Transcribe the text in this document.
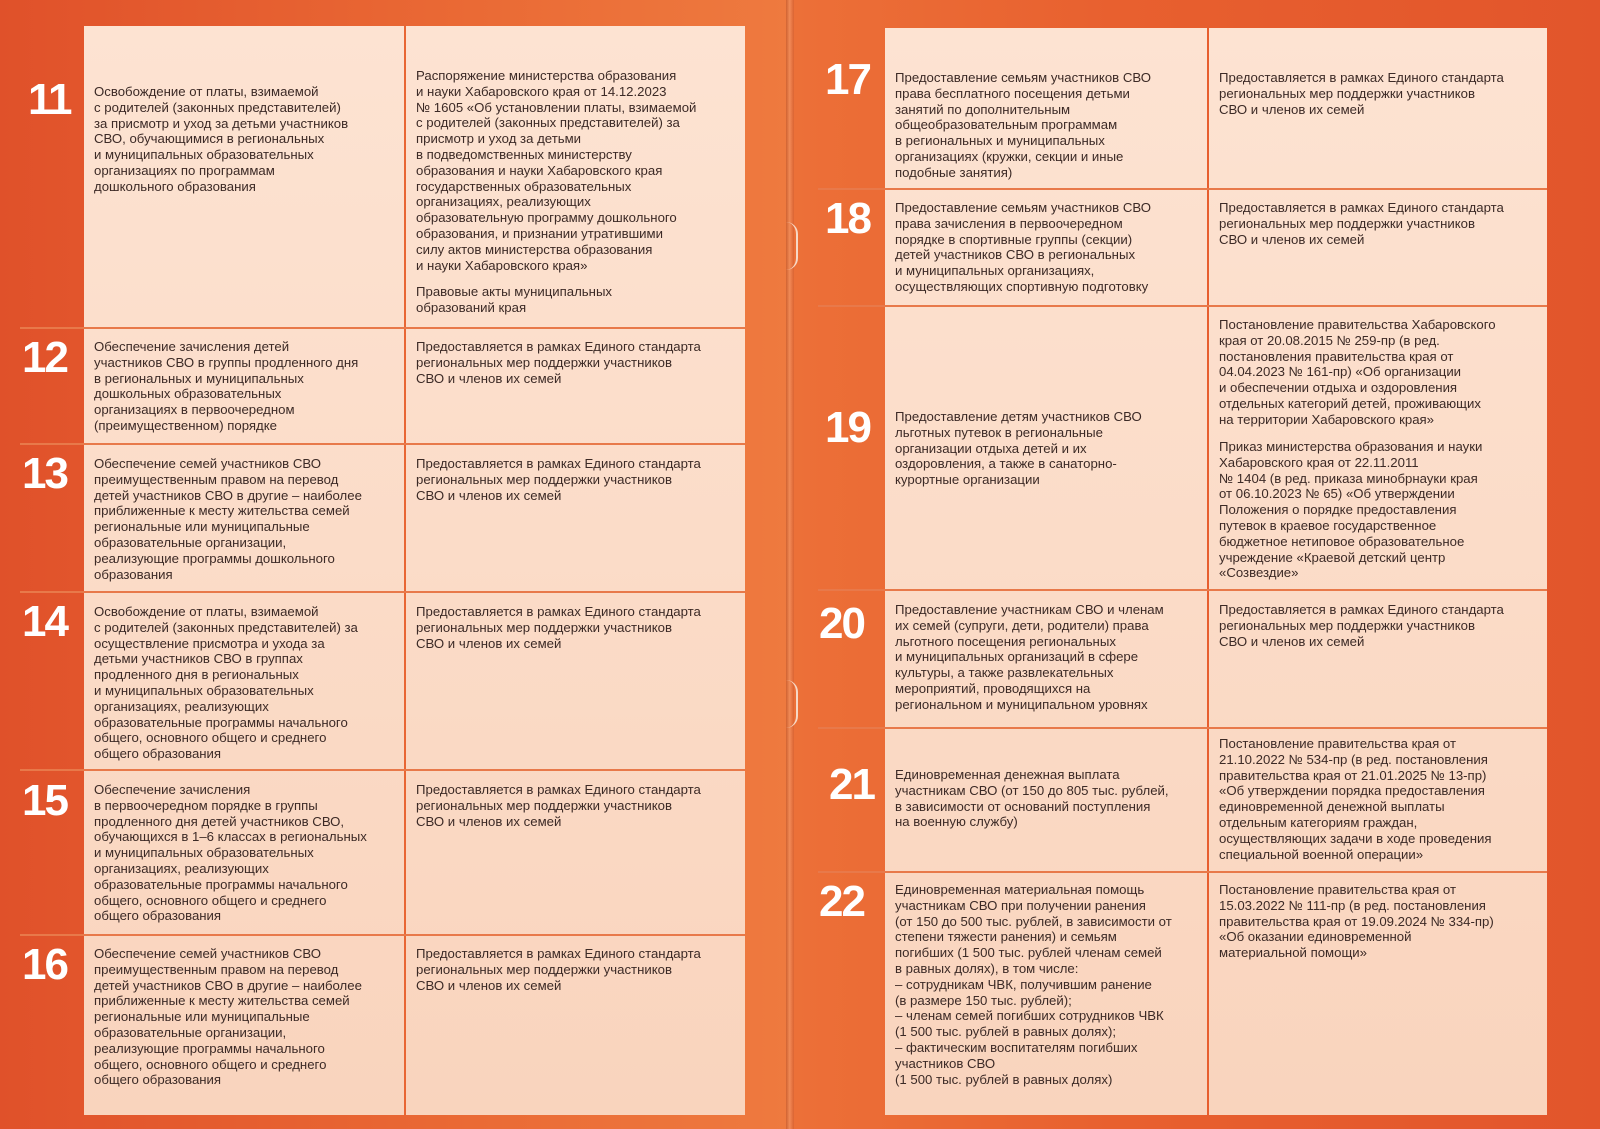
11 Освобождение от платы, взимаемой
с родителей (законных представителей)
за присмотр и уход за детьми участников
СВО, обучающимися в региональных
и муниципальных образовательных
организациях по программам
дошкольного образования
Распоряжение министерства образования
и науки Хабаровского края от 14.12.2023
№ 1605 «Об установлении платы, взимаемой
с родителей (законных представителей) за
присмотр и уход за детьми
в подведомственных министерству
образования и науки Хабаровского края
государственных образовательных
организациях, реализующих
образовательную программу дошкольного
образования, и признании утратившими
силу актов министерства образования
и науки Хабаровского края»
Правовые акты муниципальных
образований края
12 Обеспечение зачисления детей
участников СВО в группы продленного дня
в региональных и муниципальных
дошкольных образовательных
организациях в первоочередном
(преимущественном) порядке
Предоставляется в рамках Единого стандарта
региональных мер поддержки участников
СВО и членов их семей
13 Обеспечение семей участников СВО
преимущественным правом на перевод
детей участников СВО в другие – наиболее
приближенные к месту жительства семей
региональные или муниципальные
образовательные организации,
реализующие программы дошкольного
образования
Предоставляется в рамках Единого стандарта
региональных мер поддержки участников
СВО и членов их семей
14 Освобождение от платы, взимаемой
с родителей (законных представителей) за
осуществление присмотра и ухода за
детьми участников СВО в группах
продленного дня в региональных
и муниципальных образовательных
организациях, реализующих
образовательные программы начального
общего, основного общего и среднего
общего образования
Предоставляется в рамках Единого стандарта
региональных мер поддержки участников
СВО и членов их семей
15 Обеспечение зачисления
в первоочередном порядке в группы
продленного дня детей участников СВО,
обучающихся в 1–6 классах в региональных
и муниципальных образовательных
организациях, реализующих
образовательные программы начального
общего, основного общего и среднего
общего образования
Предоставляется в рамках Единого стандарта
региональных мер поддержки участников
СВО и членов их семей
16 Обеспечение семей участников СВО
преимущественным правом на перевод
детей участников СВО в другие – наиболее
приближенные к месту жительства семей
региональные или муниципальные
образовательные организации,
реализующие программы начального
общего, основного общего и среднего
общего образования
Предоставляется в рамках Единого стандарта
региональных мер поддержки участников
СВО и членов их семей
17 Предоставление семьям участников СВО
права бесплатного посещения детьми
занятий по дополнительным
общеобразовательным программам
в региональных и муниципальных
организациях (кружки, секции и иные
подобные занятия)
Предоставляется в рамках Единого стандарта
региональных мер поддержки участников
СВО и членов их семей
18 Предоставление семьям участников СВО
права зачисления в первоочередном
порядке в спортивные группы (секции)
детей участников СВО в региональных
и муниципальных организациях,
осуществляющих спортивную подготовку
Предоставляется в рамках Единого стандарта
региональных мер поддержки участников
СВО и членов их семей
19 Предоставление детям участников СВО
льготных путевок в региональные
организации отдыха детей и их
оздоровления, а также в санаторно-
курортные организации
Постановление правительства Хабаровского
края от 20.08.2015 № 259-пр (в ред.
постановления правительства края от
04.04.2023 № 161-пр) «Об организации
и обеспечении отдыха и оздоровления
отдельных категорий детей, проживающих
на территории Хабаровского края»
Приказ министерства образования и науки
Хабаровского края от 22.11.2011
№ 1404 (в ред. приказа минобрнауки края
от 06.10.2023 № 65) «Об утверждении
Положения о порядке предоставления
путевок в краевое государственное
бюджетное нетиповое образовательное
учреждение «Краевой детский центр
«Созвездие»
20 Предоставление участникам СВО и членам
их семей (супруги, дети, родители) права
льготного посещения региональных
и муниципальных организаций в сфере
культуры, а также развлекательных
мероприятий, проводящихся на
региональном и муниципальном уровнях
Предоставляется в рамках Единого стандарта
региональных мер поддержки участников
СВО и членов их семей
21 Единовременная денежная выплата
участникам СВО (от 150 до 805 тыс. рублей,
в зависимости от оснований поступления
на военную службу)
Постановление правительства края от
21.10.2022 № 534-пр (в ред. постановления
правительства края от 21.01.2025 № 13-пр)
«Об утверждении порядка предоставления
единовременной денежной выплаты
отдельным категориям граждан,
осуществляющих задачи в ходе проведения
специальной военной операции»
22 Единовременная материальная помощь
участникам СВО при получении ранения
(от 150 до 500 тыс. рублей, в зависимости от
степени тяжести ранения) и семьям
погибших (1 500 тыс. рублей членам семей
в равных долях), в том числе:
– сотрудникам ЧВК, получившим ранение
(в размере 150 тыс. рублей);
– членам семей погибших сотрудников ЧВК
(1 500 тыс. рублей в равных долях);
– фактическим воспитателям погибших
участников СВО
(1 500 тыс. рублей в равных долях)
Постановление правительства края от
15.03.2022 № 111-пр (в ред. постановления
правительства края от 19.09.2024 № 334-пр)
«Об оказании единовременной
материальной помощи»
